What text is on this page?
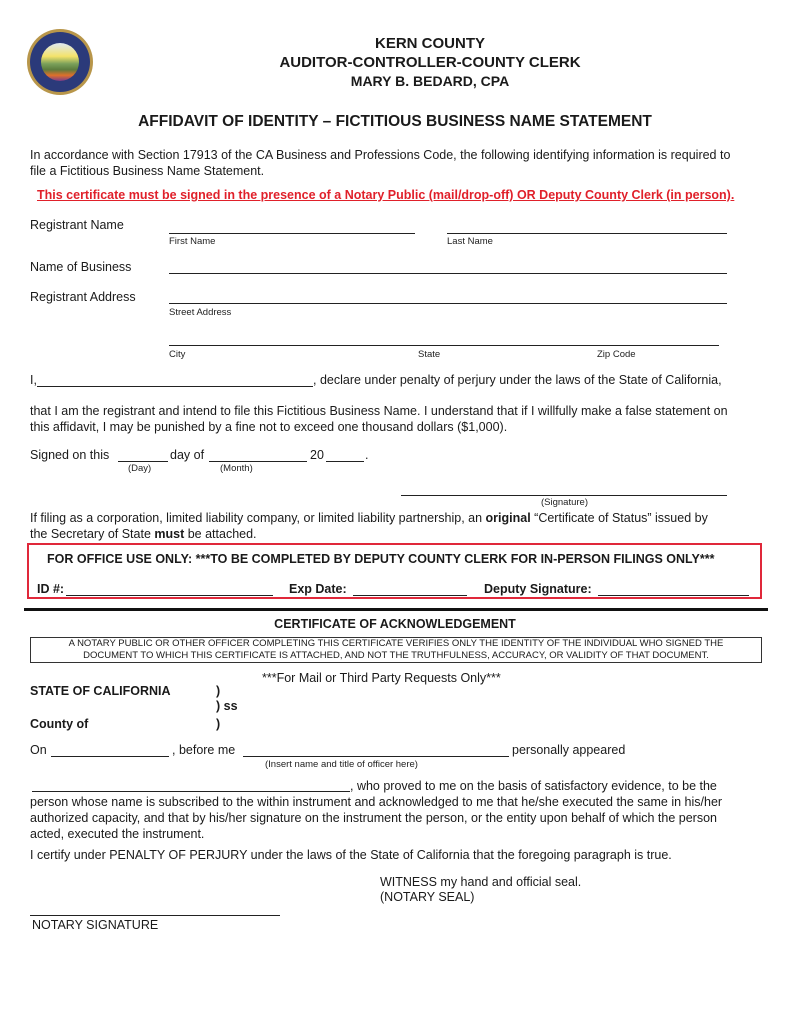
KERN COUNTY
AUDITOR-CONTROLLER-COUNTY CLERK
MARY B. BEDARD, CPA
AFFIDAVIT OF IDENTITY – FICTITIOUS BUSINESS NAME STATEMENT
In accordance with Section 17913 of the CA Business and Professions Code, the following identifying information is required to
file a Fictitious Business Name Statement.
This certificate must be signed in the presence of a Notary Public (mail/drop-off) OR Deputy County Clerk (in person).
Registrant Name
First Name	Last Name
Name of Business
Registrant Address
Street Address
City	State	Zip Code
I,	, declare under penalty of perjury under the laws of the State of California,
that I am the registrant and intend to file this Fictitious Business Name. I understand that if I willfully make a false statement on
this affidavit, I may be punished by a fine not to exceed one thousand dollars ($1,000).
Signed on this	day of	20	.
(Day)	(Month)
(Signature)
If filing as a corporation, limited liability company, or limited liability partnership, an original “Certificate of Status” issued by
the Secretary of State must be attached.
FOR OFFICE USE ONLY: ***TO BE COMPLETED BY DEPUTY COUNTY CLERK FOR IN-PERSON FILINGS ONLY***
ID #:	Exp Date:	Deputy Signature:
CERTIFICATE OF ACKNOWLEDGEMENT
A NOTARY PUBLIC OR OTHER OFFICER COMPLETING THIS CERTIFICATE VERIFIES ONLY THE IDENTITY OF THE INDIVIDUAL WHO SIGNED THE
DOCUMENT TO WHICH THIS CERTIFICATE IS ATTACHED, AND NOT THE TRUTHFULNESS, ACCURACY, OR VALIDITY OF THAT DOCUMENT.
***For Mail or Third Party Requests Only***
STATE OF CALIFORNIA	)
) ss
County of	)
On	, before me	personally appeared
(Insert name and title of officer here)
, who proved to me on the basis of satisfactory evidence, to be the
person whose name is subscribed to the within instrument and acknowledged to me that he/she executed the same in his/her
authorized capacity, and that by his/her signature on the instrument the person, or the entity upon behalf of which the person
acted, executed the instrument.
I certify under PENALTY OF PERJURY under the laws of the State of California that the foregoing paragraph is true.
WITNESS my hand and official seal.
(NOTARY SEAL)
NOTARY SIGNATURE
